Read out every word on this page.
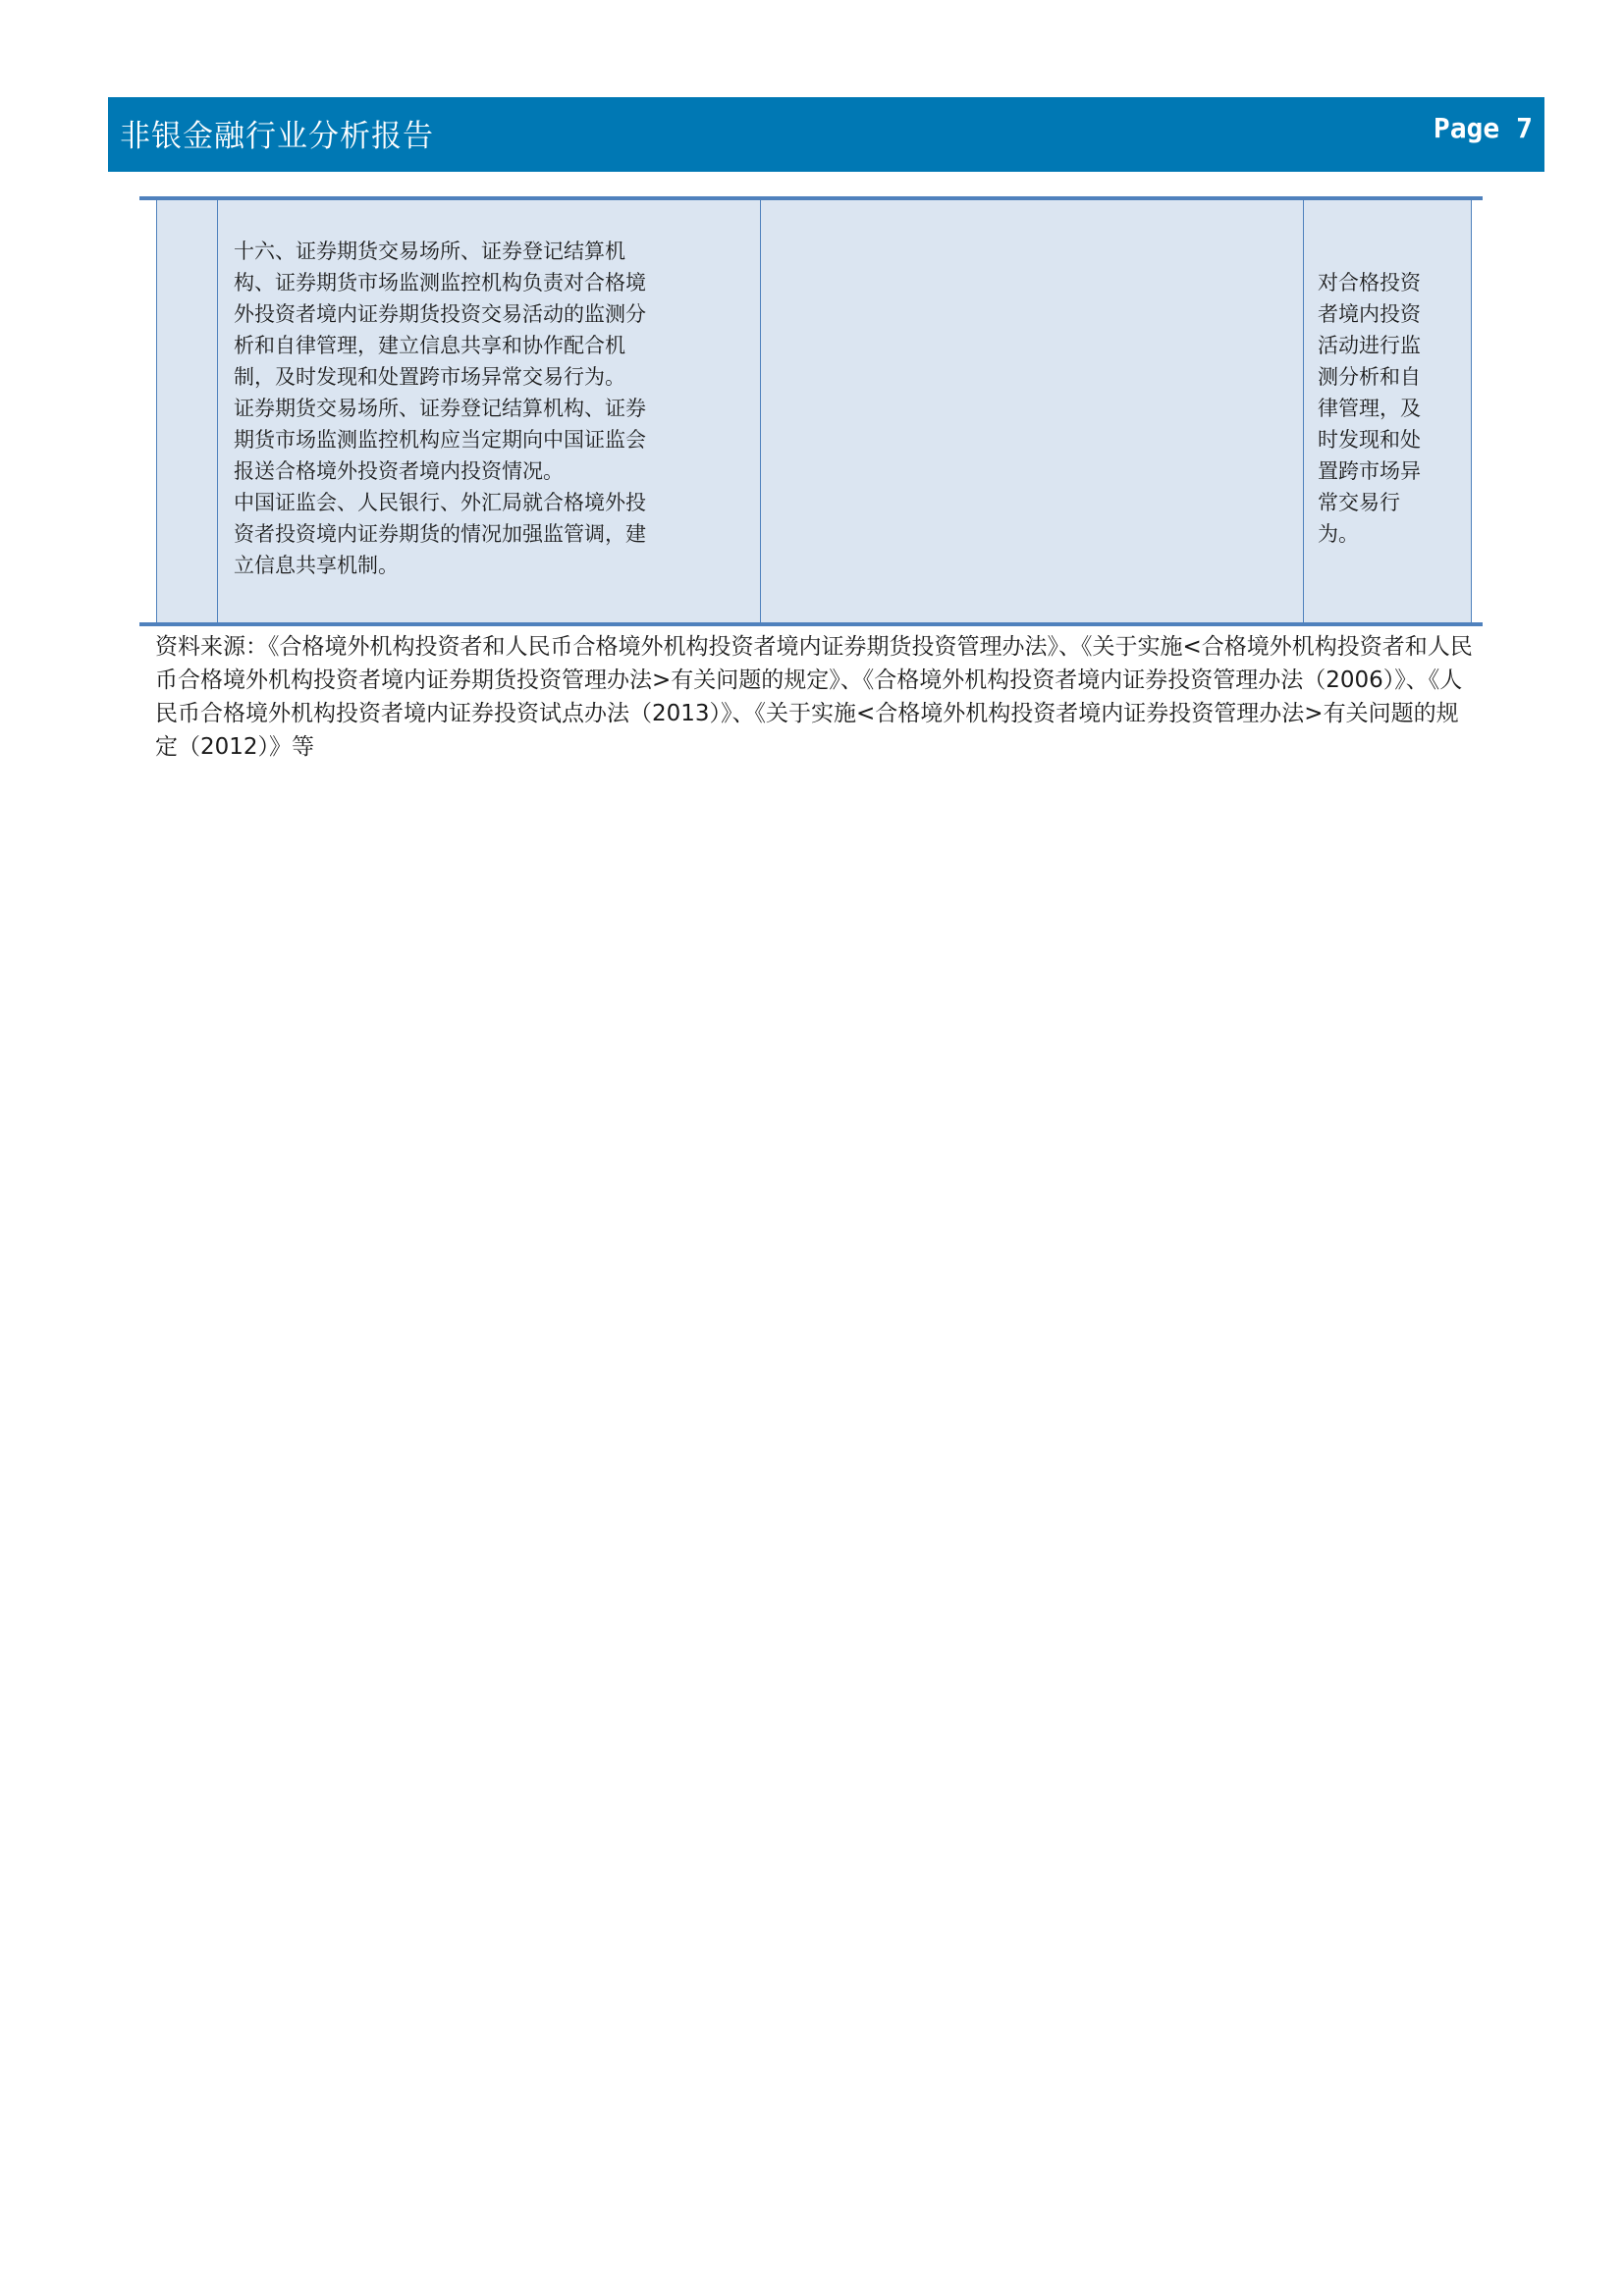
非银金融行业分析报告	Page 7
十六、证券期货交易场所、证券登记结算机
构、证券期货市场监测监控机构负责对合格境
外投资者境内证券期货投资交易活动的监测分
析和自律管理，建立信息共享和协作配合机
制，及时发现和处置跨市场异常交易行为。
证券期货交易场所、证券登记结算机构、证券
期货市场监测监控机构应当定期向中国证监会
报送合格境外投资者境内投资情况。
中国证监会、人民银行、外汇局就合格境外投
资者投资境内证券期货的情况加强监管调，建
立信息共享机制。
对合格投资
者境内投资
活动进行监
测分析和自
律管理，及
时发现和处
置跨市场异
常交易行
为。
资料来源：《合格境外机构投资者和人民币合格境外机构投资者境内证券期货投资管理办法》、《关于实施<合格境外机构投资者和人民币合格境外机构投资者境内证券期货投资管理办法>有关问题的规定》、《合格境外机构投资者境内证券投资管理办法（2006）》、《人民币合格境外机构投资者境内证券投资试点办法（2013）》、《关于实施<合格境外机构投资者境内证券投资管理办法>有关问题的规定（2012）》等
